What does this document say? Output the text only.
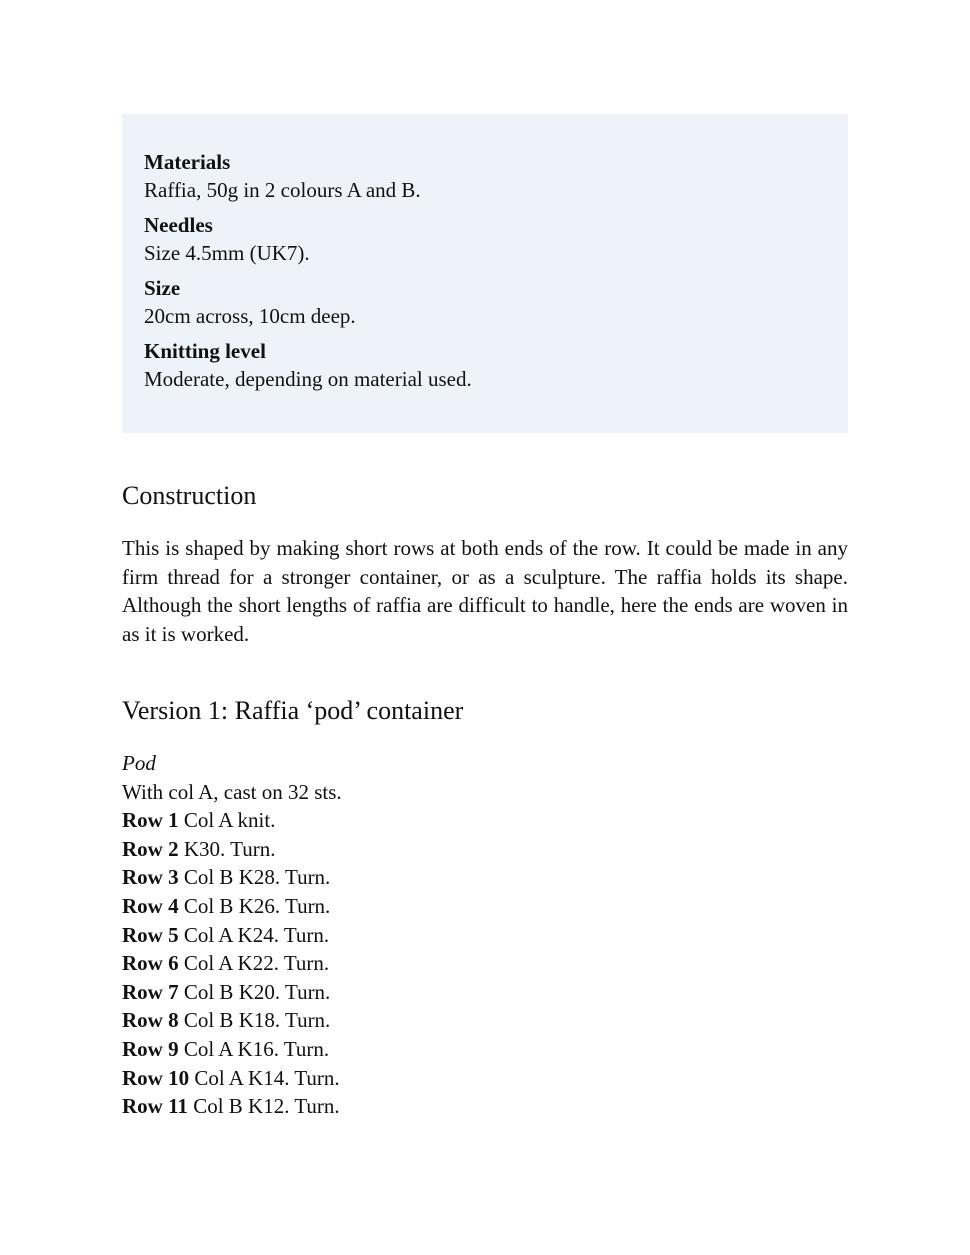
Materials
Raffia, 50g in 2 colours A and B.
Needles
Size 4.5mm (UK7).
Size
20cm across, 10cm deep.
Knitting level
Moderate, depending on material used.
Construction
This is shaped by making short rows at both ends of the row. It could be made in any firm thread for a stronger container, or as a sculpture. The raffia holds its shape. Although the short lengths of raffia are difficult to handle, here the ends are woven in as it is worked.
Version 1: Raffia ‘pod’ container
Pod
With col A, cast on 32 sts.
Row 1 Col A knit.
Row 2 K30. Turn.
Row 3 Col B K28. Turn.
Row 4 Col B K26. Turn.
Row 5 Col A K24. Turn.
Row 6 Col A K22. Turn.
Row 7 Col B K20. Turn.
Row 8 Col B K18. Turn.
Row 9 Col A K16. Turn.
Row 10 Col A K14. Turn.
Row 11 Col B K12. Turn.
